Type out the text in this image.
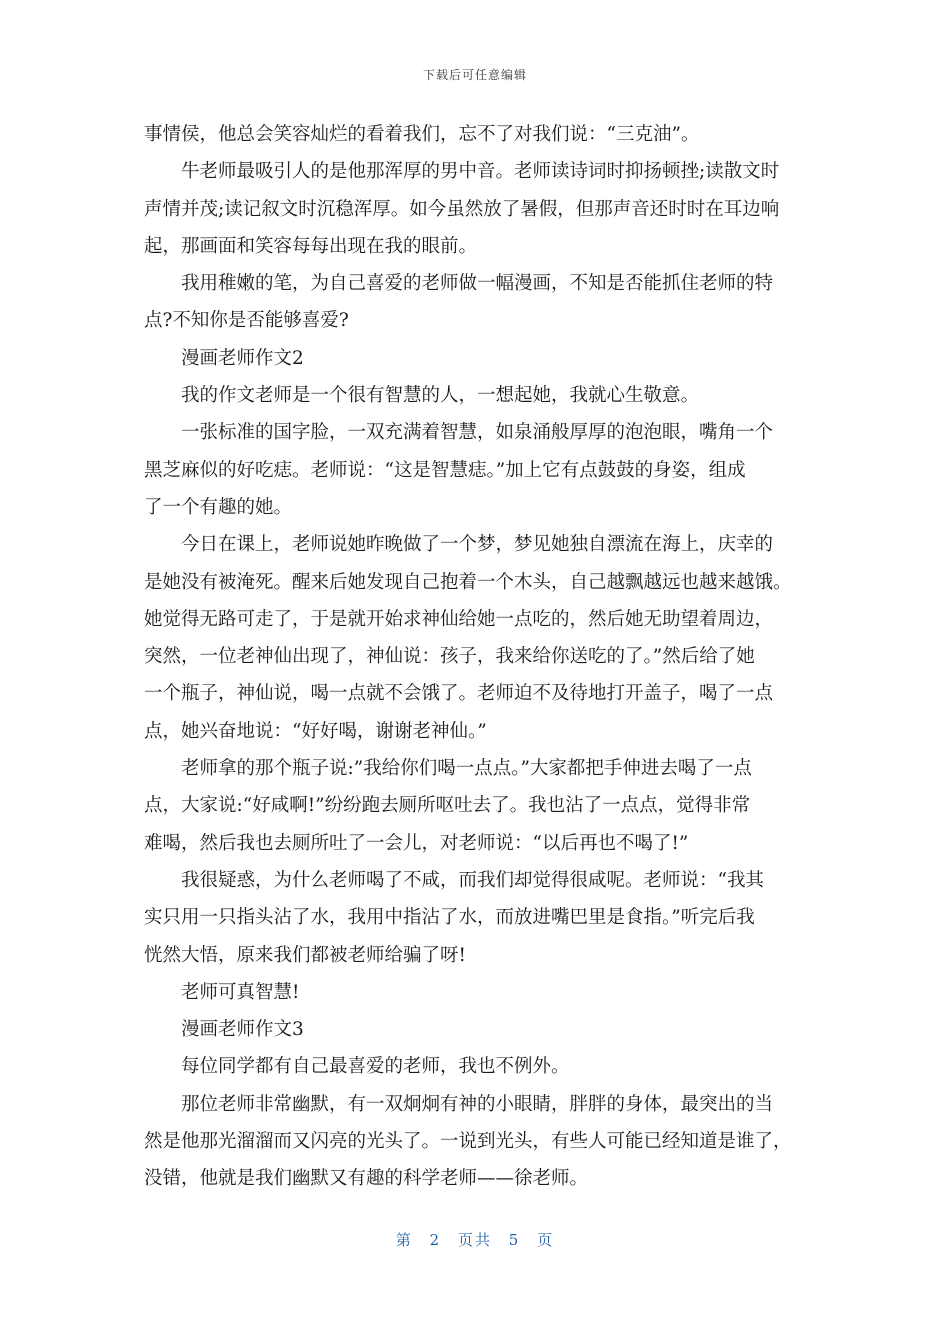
下载后可任意编辑
事情侯，他总会笑容灿烂的看着我们，忘不了对我们说：“三克油”。
牛老师最吸引人的是他那浑厚的男中音。老师读诗词时抑扬顿挫;读散文时
声情并茂;读记叙文时沉稳浑厚。如今虽然放了暑假，但那声音还时时在耳边响
起，那画面和笑容每每出现在我的眼前。
我用稚嫩的笔，为自己喜爱的老师做一幅漫画，不知是否能抓住老师的特
点?不知你是否能够喜爱?
漫画老师作文2
我的作文老师是一个很有智慧的人，一想起她，我就心生敬意。
一张标准的国字脸，一双充满着智慧，如泉涌般厚厚的泡泡眼，嘴角一个
黑芝麻似的好吃痣。老师说：“这是智慧痣。”加上它有点鼓鼓的身姿，组成
了一个有趣的她。
今日在课上，老师说她昨晚做了一个梦，梦见她独自漂流在海上，庆幸的
是她没有被淹死。醒来后她发现自己抱着一个木头，自己越飘越远也越来越饿。
她觉得无路可走了，于是就开始求神仙给她一点吃的，然后她无助望着周边，
突然，一位老神仙出现了，神仙说：孩子，我来给你送吃的了。”然后给了她
一个瓶子，神仙说，喝一点就不会饿了。老师迫不及待地打开盖子，喝了一点
点，她兴奋地说：“好好喝，谢谢老神仙。”
老师拿的那个瓶子说:”我给你们喝一点点。”大家都把手伸进去喝了一点
点，大家说:“好咸啊!”纷纷跑去厕所呕吐去了。我也沾了一点点，觉得非常
难喝，然后我也去厕所吐了一会儿，对老师说：“以后再也不喝了!”
我很疑惑，为什么老师喝了不咸，而我们却觉得很咸呢。老师说：“我其
实只用一只指头沾了水，我用中指沾了水，而放进嘴巴里是食指。”听完后我
恍然大悟，原来我们都被老师给骗了呀!
老师可真智慧!
漫画老师作文3
每位同学都有自己最喜爱的老师，我也不例外。
那位老师非常幽默，有一双炯炯有神的小眼睛，胖胖的身体，最突出的当
然是他那光溜溜而又闪亮的光头了。一说到光头，有些人可能已经知道是谁了，
没错，他就是我们幽默又有趣的科学老师——徐老师。
第 2 页共 5 页
